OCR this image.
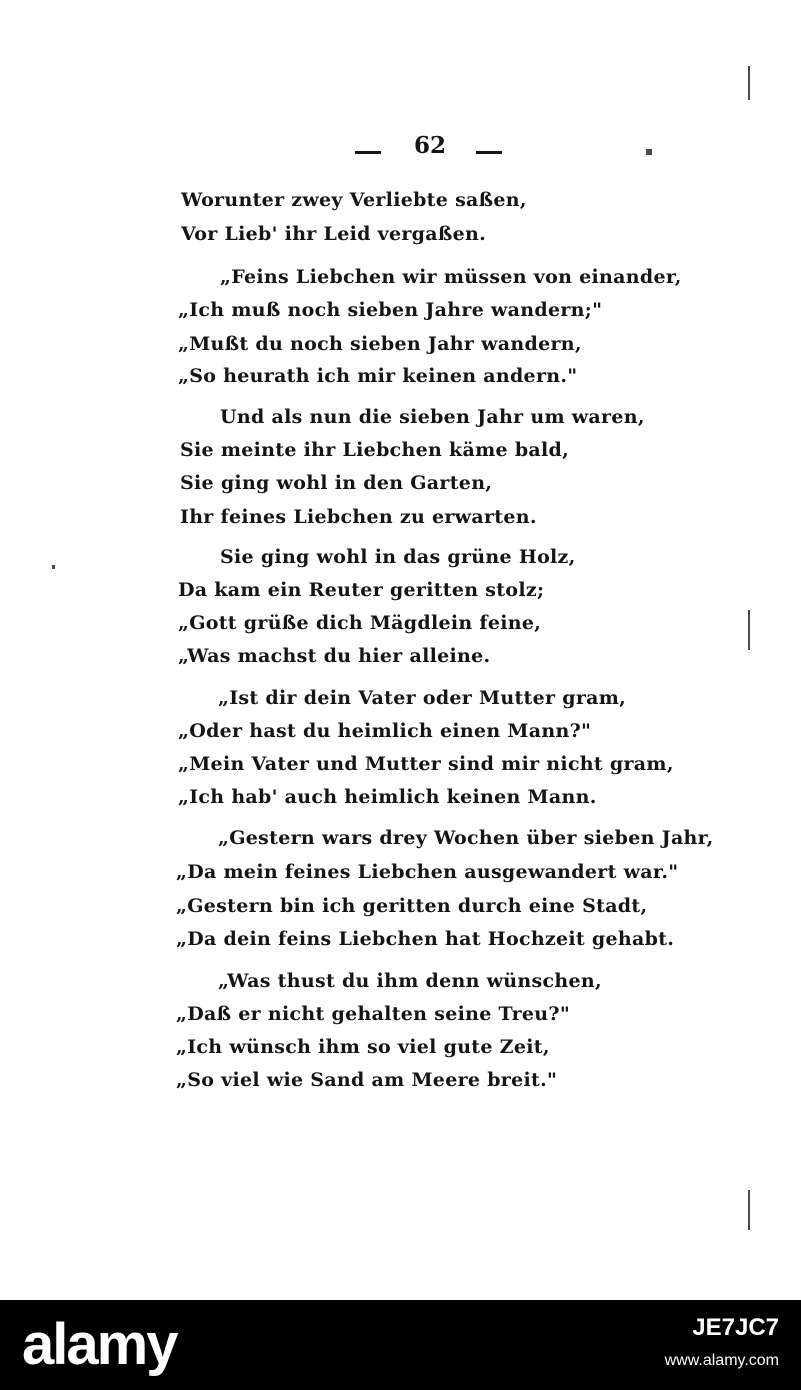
62
Worunter zwey Verliebte saßen,
Vor Lieb' ihr Leid vergaßen.
„Feins Liebchen wir müssen von einander,
„Ich muß noch sieben Jahre wandern;"
„Mußt du noch sieben Jahr wandern,
„So heurath ich mir keinen andern."
Und als nun die sieben Jahr um waren,
Sie meinte ihr Liebchen käme bald,
Sie ging wohl in den Garten,
Ihr feines Liebchen zu erwarten.
Sie ging wohl in das grüne Holz,
Da kam ein Reuter geritten stolz;
„Gott grüße dich Mägdlein feine,
„Was machst du hier alleine.
„Ist dir dein Vater oder Mutter gram,
„Oder hast du heimlich einen Mann?"
„Mein Vater und Mutter sind mir nicht gram,
„Ich hab' auch heimlich keinen Mann.
„Gestern wars drey Wochen über sieben Jahr,
„Da mein feines Liebchen ausgewandert war."
„Gestern bin ich geritten durch eine Stadt,
„Da dein feins Liebchen hat Hochzeit gehabt.
„Was thust du ihm denn wünschen,
„Daß er nicht gehalten seine Treu?"
„Ich wünsch ihm so viel gute Zeit,
„So viel wie Sand am Meere breit."
alamy	JE7JC7
www.alamy.com
